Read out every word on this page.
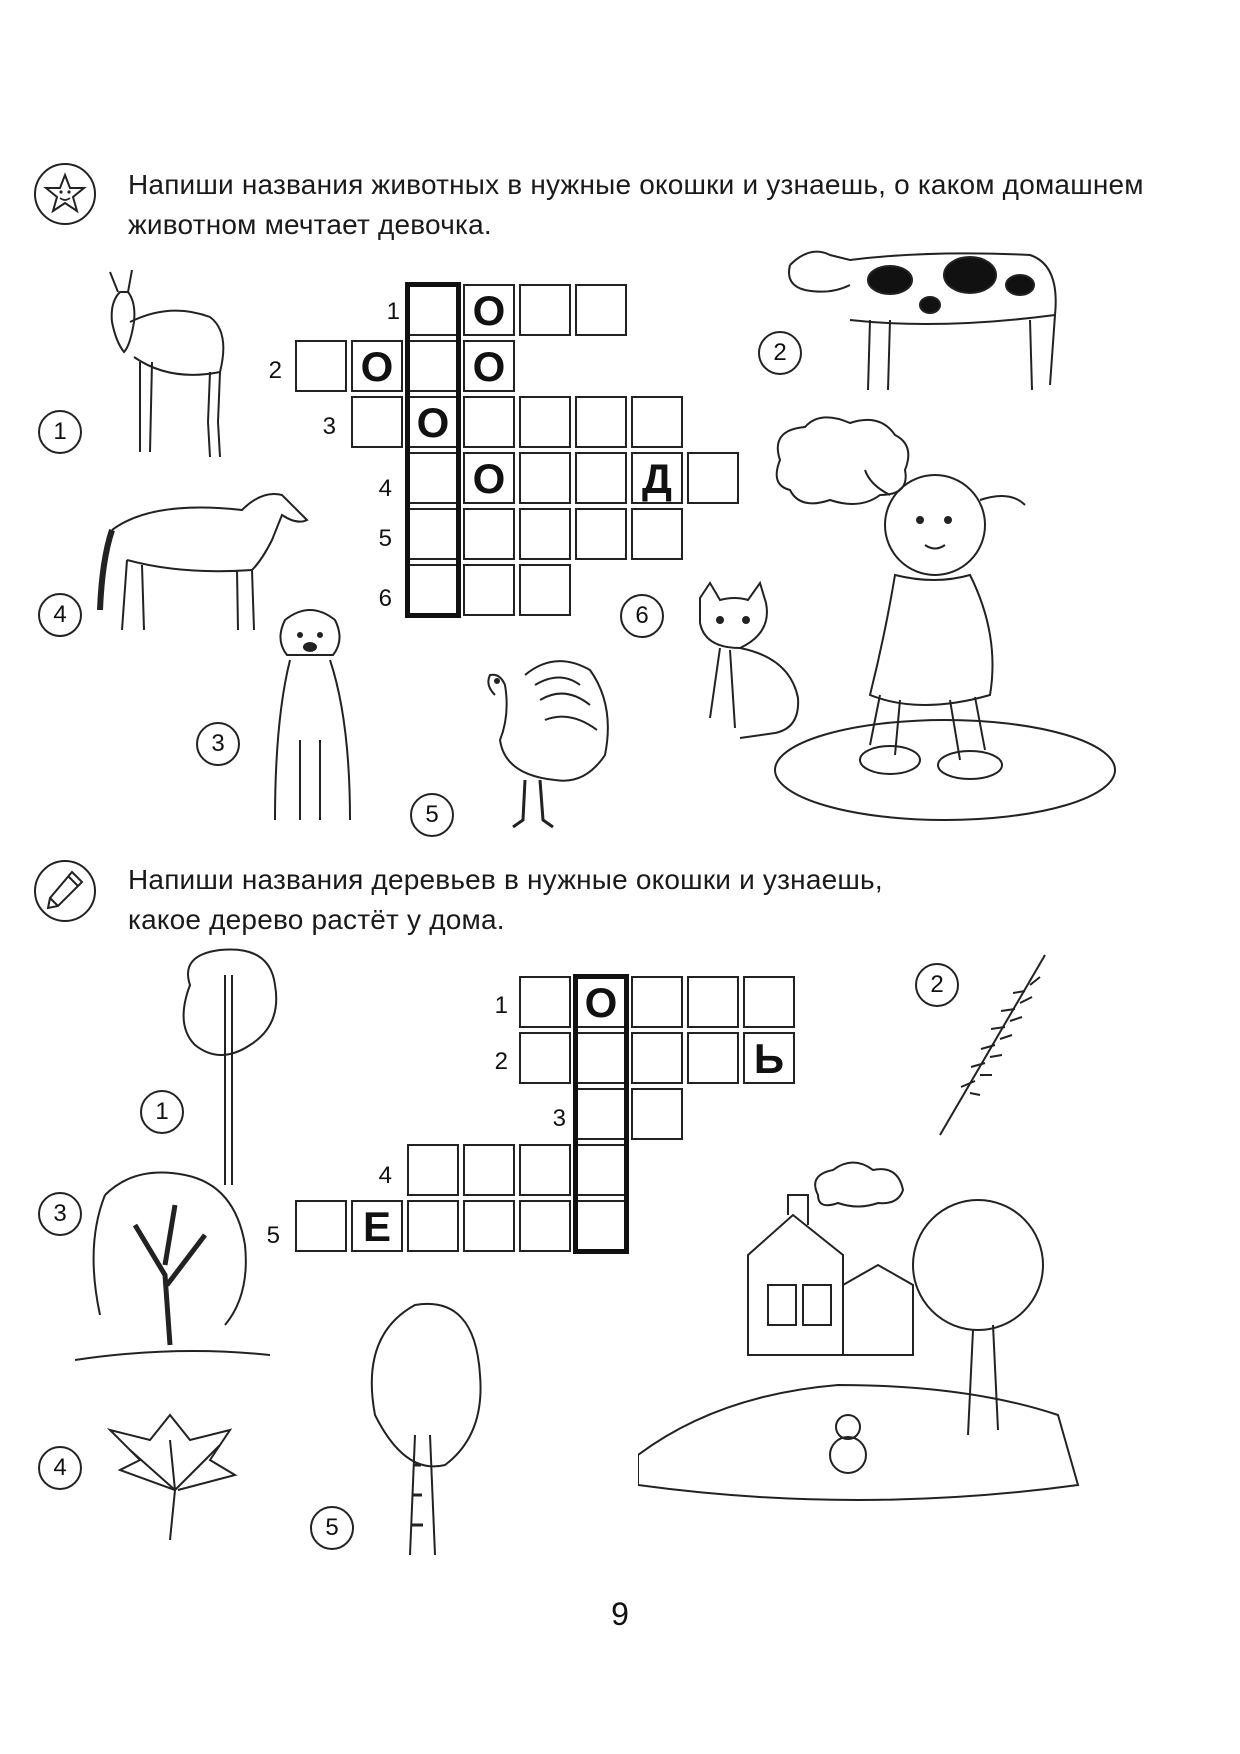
Напиши названия животных в нужные окошки и узнаешь, о каком домашнем
животном мечтает девочка.
1
2
3
4
5
6
О
О О
О
О	Д
1
2
3
4
5
6
Напиши названия деревьев в нужные окошки и узнаешь,
какое дерево растёт у дома.
1
2
3
4
5
О
Ь
Е
1
2
3
4
5
9
